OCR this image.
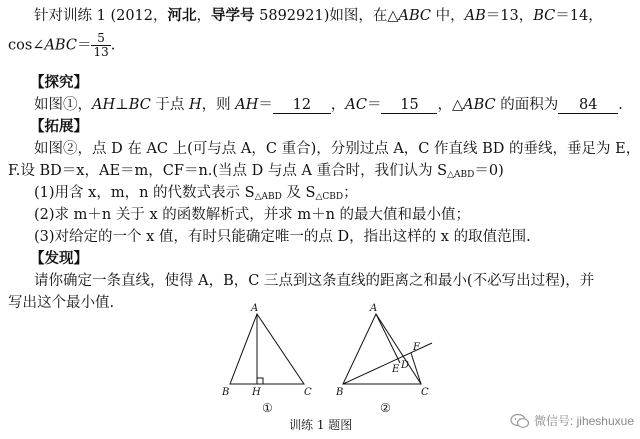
针对训练 1 (2012，河北，导学号 5892921)如图，在△ABC 中，AB＝13，BC＝14，
cos∠ABC＝ $\frac{5}{13}$ .
【探究】
如图①，AH⊥BC 于点 H，则 AH＝ 12 ，AC＝ 15 ，△ABC 的面积为 84 .
【拓展】
如图②，点 D 在 AC 上(可与点 A，C 重合)，分别过点 A，C 作直线 BD 的垂线，垂足为 E，
F.设 BD＝x，AE＝m，CF＝n.(当点 D 与点 A 重合时，我们认为 $S_{\triangle ABD}=0$)
(1)用含 x，m，n 的代数式表示 $S_{\triangle ABD}$ 及 $S_{\triangle CBD}$；
(2)求 m＋n 关于 x 的函数解析式，并求 m＋n 的最大值和最小值；
(3)对给定的一个 x 值，有时只能确定唯一的点 D，指出这样的 x 的取值范围.
【发现】
请你确定一条直线，使得 A，B，C 三点到这条直线的距离之和最小(不必写出过程)，并
写出这个最小值.	A
B H	C
①
A
B	C
D
E
F
②
训练 1 题图	微信号: jiheshuxue
